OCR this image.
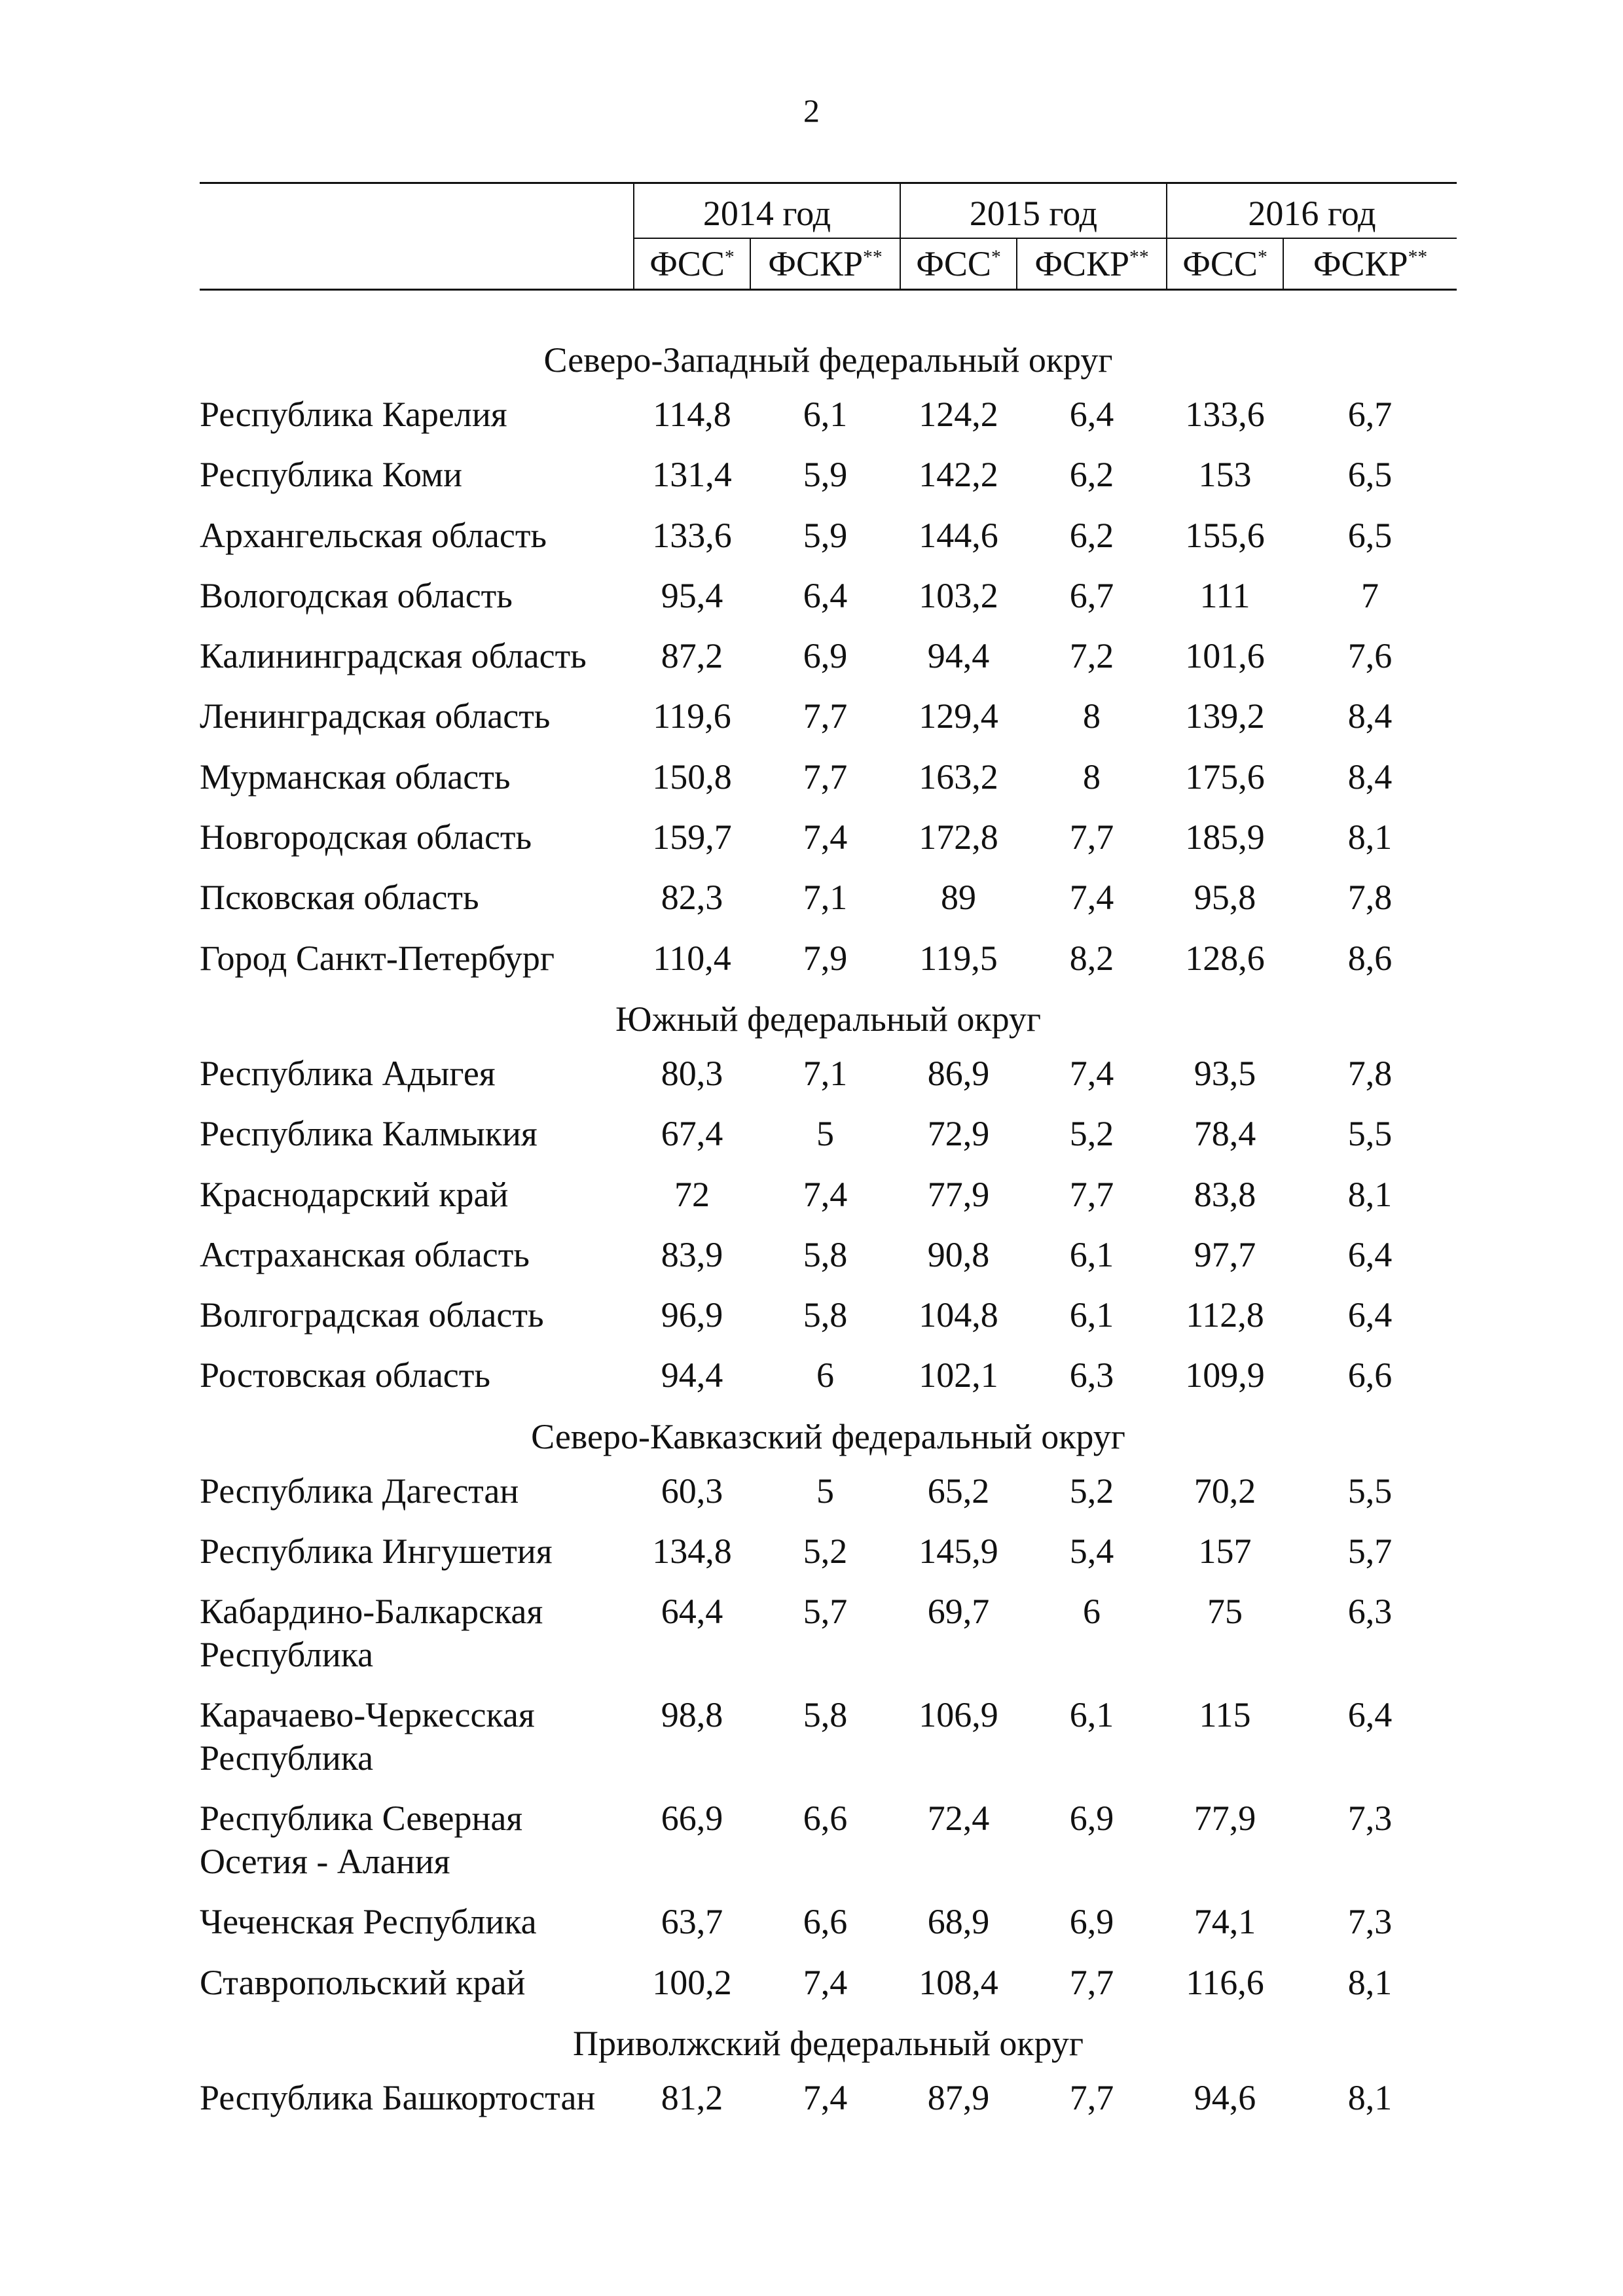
2
	2014 год		2015 год		2016 год	
	ФСС*	ФСКР**	ФСС*	ФСКР**	ФСС*	ФСКР**

Северо-Западный федеральный округ						
Республика Карелия	114,8	6,1	124,2	6,4	133,6	6,7
Республика Коми	131,4	5,9	142,2	6,2	153	6,5
Архангельская область	133,6	5,9	144,6	6,2	155,6	6,5
Вологодская область	95,4	6,4	103,2	6,7	111	7
Калининградская область	87,2	6,9	94,4	7,2	101,6	7,6
Ленинградская область	119,6	7,7	129,4	8	139,2	8,4
Мурманская область	150,8	7,7	163,2	8	175,6	8,4
Новгородская область	159,7	7,4	172,8	7,7	185,9	8,1
Псковская область	82,3	7,1	89	7,4	95,8	7,8
Город Санкт-Петербург	110,4	7,9	119,5	8,2	128,6	8,6
Южный федеральный округ						
Республика Адыгея	80,3	7,1	86,9	7,4	93,5	7,8
Республика Калмыкия	67,4	5	72,9	5,2	78,4	5,5
Краснодарский край	72	7,4	77,9	7,7	83,8	8,1
Астраханская область	83,9	5,8	90,8	6,1	97,7	6,4
Волгоградская область	96,9	5,8	104,8	6,1	112,8	6,4
Ростовская область	94,4	6	102,1	6,3	109,9	6,6
Северо-Кавказский федеральный округ						
Республика Дагестан	60,3	5	65,2	5,2	70,2	5,5
Республика Ингушетия	134,8	5,2	145,9	5,4	157	5,7
Кабардино-Балкарская Республика	64,4	5,7	69,7	6	75	6,3
Карачаево-Черкесская Республика	98,8	5,8	106,9	6,1	115	6,4
Республика Северная Осетия - Алания	66,9	6,6	72,4	6,9	77,9	7,3
Чеченская Республика	63,7	6,6	68,9	6,9	74,1	7,3
Ставропольский край	100,2	7,4	108,4	7,7	116,6	8,1
Приволжский федеральный округ						
Республика Башкортостан	81,2	7,4	87,9	7,7	94,6	8,1
